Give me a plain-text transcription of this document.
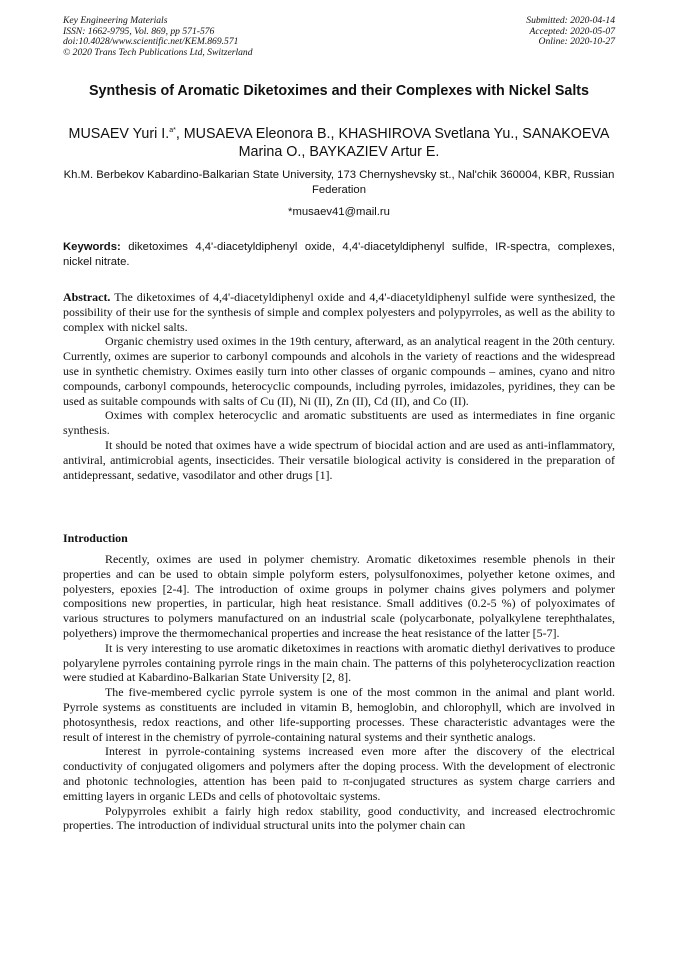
Key Engineering Materials
ISSN: 1662-9795, Vol. 869, pp 571-576
doi:10.4028/www.scientific.net/KEM.869.571
© 2020 Trans Tech Publications Ltd, Switzerland
Submitted: 2020-04-14
Accepted: 2020-05-07
Online: 2020-10-27
Synthesis of Aromatic Diketoximes and their Complexes with Nickel Salts
MUSAEV Yuri I.$^{a*}$, MUSAEVA Eleonora B., KHASHIROVA Svetlana Yu., SANAKOEVA Marina O., BAYKAZIEV Artur E.
Kh.M. Berbekov Kabardino-Balkarian State University, 173 Chernyshevsky st., Nal'chik 360004, KBR, Russian Federation
*musaev41@mail.ru
Keywords: diketoximes 4,4'-diacetyldiphenyl oxide, 4,4'-diacetyldiphenyl sulfide, IR-spectra, complexes, nickel nitrate.

Abstract. The diketoximes of 4,4'-diacetyldiphenyl oxide and 4,4'-diacetyldiphenyl sulfide were synthesized, the possibility of their use for the synthesis of simple and complex polyesters and polypyrroles, as well as the ability to complex with nickel salts.

Organic chemistry used oximes in the 19th century, afterward, as an analytical reagent in the 20th century. Currently, oximes are superior to carbonyl compounds and alcohols in the variety of reactions and the widespread use in synthetic chemistry. Oximes easily turn into other classes of organic compounds – amines, cyano and nitro compounds, carbonyl compounds, heterocyclic compounds, including pyrroles, imidazoles, pyridines, they can be used as suitable compounds with salts of Cu (II), Ni (II), Zn (II), Cd (II), and Co (II).

Oximes with complex heterocyclic and aromatic substituents are used as intermediates in fine organic synthesis.

It should be noted that oximes have a wide spectrum of biocidal action and are used as anti-inflammatory, antiviral, antimicrobial agents, insecticides. Their versatile biological activity is considered in the preparation of antidepressant, sedative, vasodilator and other drugs [1].

Introduction

Recently, oximes are used in polymer chemistry. Aromatic diketoximes resemble phenols in their properties and can be used to obtain simple polyform esters, polysulfonoximes, polyether ketone oximes, and polyesters, epoxies [2-4]. The introduction of oxime groups in polymer chains gives polymers and polymer compositions new properties, in particular, high heat resistance. Small additives (0.2-5 %) of polyoximates of various structures to polymers manufactured on an industrial scale (polycarbonate, polyalkylene terephthalates, polyethers) improve the thermomechanical properties and increase the heat resistance of the latter [5-7].

It is very interesting to use aromatic diketoximes in reactions with aromatic diethyl derivatives to produce polyarylene pyrroles containing pyrrole rings in the main chain. The patterns of this polyheterocyclization reaction were studied at Kabardino-Balkarian State University [2, 8].

The five-membered cyclic pyrrole system is one of the most common in the animal and plant world. Pyrrole systems as constituents are included in vitamin B, hemoglobin, and chlorophyll, which are involved in photosynthesis, redox reactions, and other life-supporting processes. These characteristic advantages were the result of interest in the chemistry of pyrrole-containing natural systems and their synthetic analogs.

Interest in pyrrole-containing systems increased even more after the discovery of the electrical conductivity of conjugated oligomers and polymers after the doping process. With the development of electronic and photonic technologies, attention has been paid to π-conjugated structures as system charge carriers and emitting layers in organic LEDs and cells of photovoltaic systems.

Polypyrroles exhibit a fairly high redox stability, good conductivity, and increased electrochromic properties. The introduction of individual structural units into the polymer chain can
